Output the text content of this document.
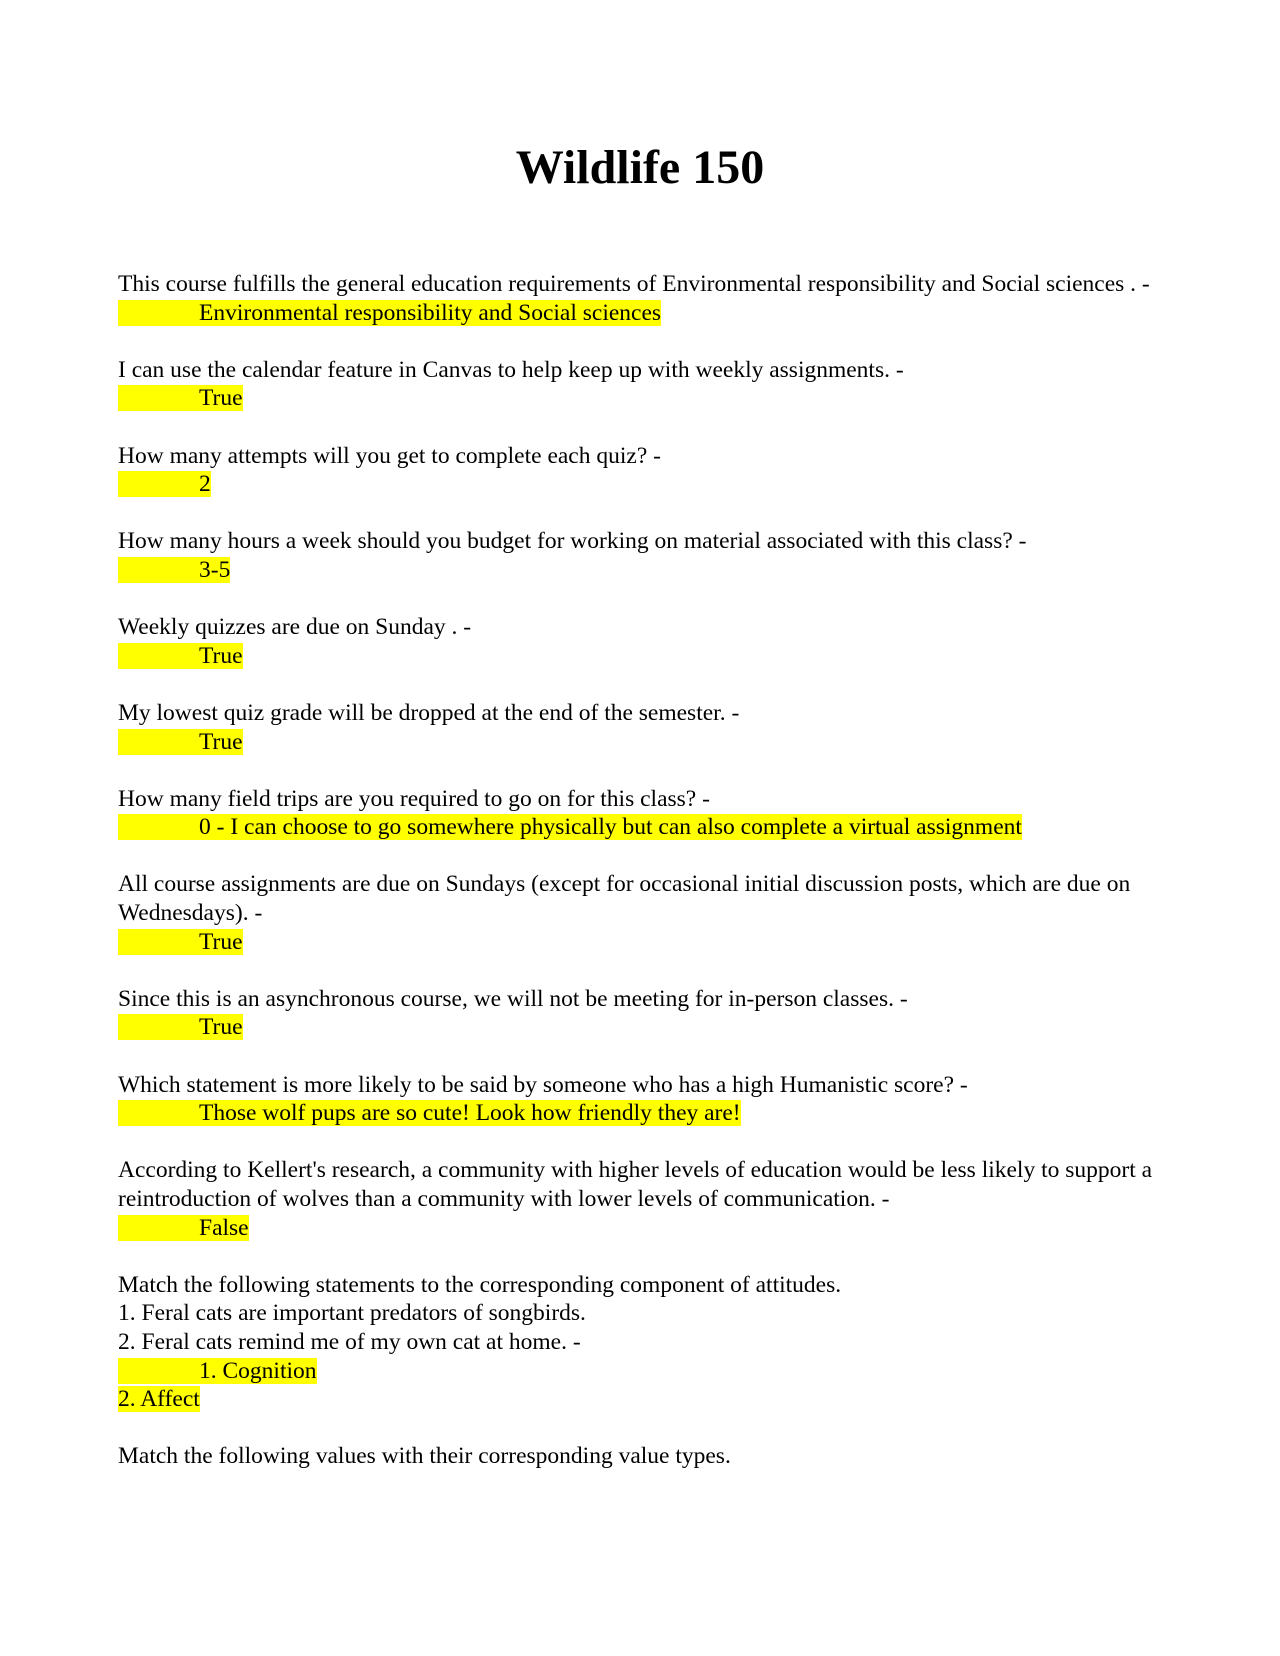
Wildlife 150
This course fulfills the general education requirements of Environmental responsibility and Social sciences . -
Environmental responsibility and Social sciences
I can use the calendar feature in Canvas to help keep up with weekly assignments. -
True
How many attempts will you get to complete each quiz? -
2
How many hours a week should you budget for working on material associated with this class? -
3-5
Weekly quizzes are due on Sunday . -
True
My lowest quiz grade will be dropped at the end of the semester. -
True
How many field trips are you required to go on for this class? -
0 - I can choose to go somewhere physically but can also complete a virtual assignment
All course assignments are due on Sundays (except for occasional initial discussion posts, which are due on Wednesdays). -
True
Since this is an asynchronous course, we will not be meeting for in-person classes. -
True
Which statement is more likely to be said by someone who has a high Humanistic score? -
Those wolf pups are so cute! Look how friendly they are!
According to Kellert's research, a community with higher levels of education would be less likely to support a reintroduction of wolves than a community with lower levels of communication. -
False
Match the following statements to the corresponding component of attitudes.
1. Feral cats are important predators of songbirds.
2. Feral cats remind me of my own cat at home. -
1. Cognition
2. Affect
Match the following values with their corresponding value types.
